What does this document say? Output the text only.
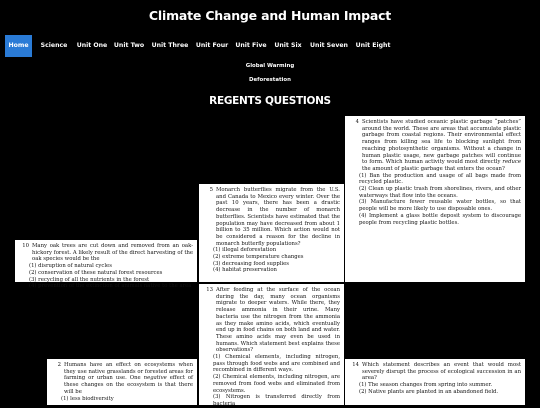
Climate Change and Human Impact
Home	Science	Unit One Unit Two Unit Three Unit Four Unit Five	Unit Six	Unit Seven	Unit Eight
Global Warming
Deforestation
REGENTS QUESTIONS
10 Many oak trees are cut down and removed from an oak-hickory forest. A likely result of the direct harvesting of the oak species would be the
(1) disruption of natural cycles
(2) conservation of these natural forest resources
(3) recycling of all the nutrients in the forest
(4) prevention of the extinction of animals native to the area
5 Monarch butterflies migrate from the U.S. and Canada to Mexico every winter. Over the past 10 years, there has been a drastic decrease in the number of monarch butterflies. Scientists have estimated that the population may have decreased from about 1 billion to 35 million. Which action would not be considered a reason for the decline in monarch butterfly populations?
(1) illegal deforestation
(2) extreme temperature changes
(3) decreasing food supplies
(4) habitat preservation
4 Scientists have studied oceanic plastic garbage “patches” around the world. These are areas that accumulate plastic garbage from coastal regions. Their environmental effect ranges from killing sea life to blocking sunlight from reaching photosynthetic organisms. Without a change in human plastic usage, new garbage patches will continue to form. Which human activity would most directly reduce the amount of plastic garbage that enters the ocean?
(1) Ban the production and usage of all bags made from recycled plastic.
(2) Clean up plastic trash from shorelines, rivers, and other waterways that flow into the oceans.
(3) Manufacture fewer reusable water bottles, so that people will be more likely to use disposable ones.
(4) Implement a glass bottle deposit system to discourage people from recycling plastic bottles.
13 After feeding at the surface of the ocean during the day, many ocean organisms migrate to deeper waters. While there, they release ammonia in their urine. Many bacteria use the nitrogen from the ammonia as they make amino acids, which eventually end up in food chains on both land and water. These amino acids may even be used in humans. Which statement best explains these observations?
(1) Chemical elements, including nitrogen, pass through food webs and are combined and recombined in different ways.
(2) Chemical elements, including nitrogen, are removed from food webs and eliminated from ecosystems.
(3) Nitrogen is transferred directly from bacteria
2 Humans have an effect on ecosystems when they use native grasslands or forested areas for farming or urban use. One negative effect of these changes on the ecosystem is that there will be
(1) less biodiversity
14 Which statement describes an event that would most severely disrupt the process of ecological succession in an area?
(1) The season changes from spring into summer.
(2) Native plants are planted in an abandoned field.
